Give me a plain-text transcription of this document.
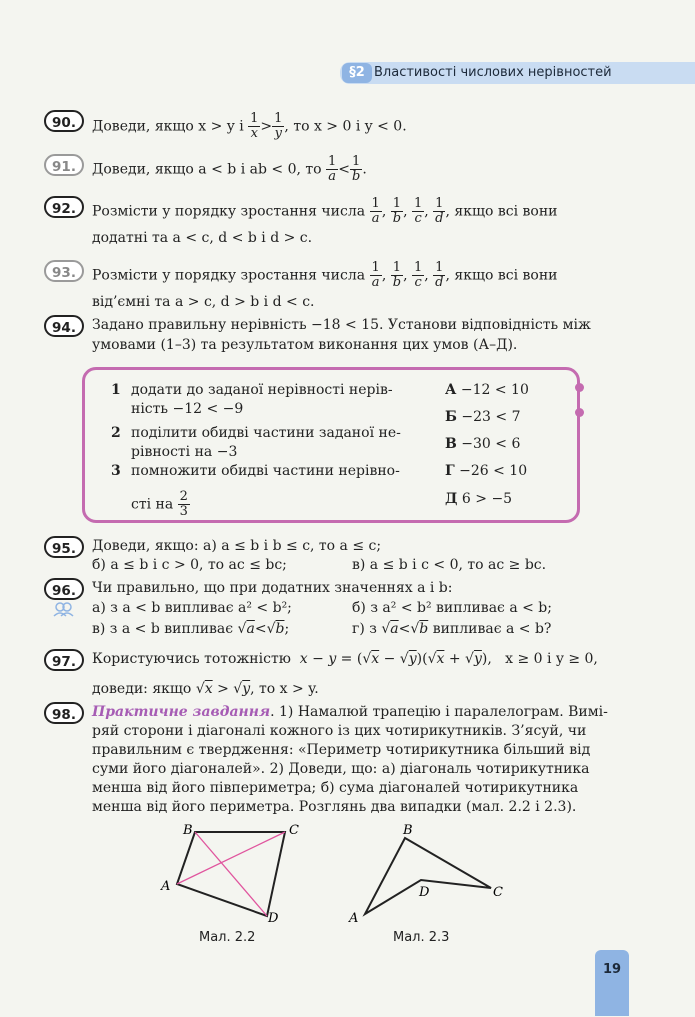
§2 Властивості числових нерівностей
90.	Доведи, якщо x > y і $\frac{1}{x} > \frac{1}{y}$ , то x > 0 і y < 0.
91.	Доведи, якщо a < b і ab < 0, то $\frac{1}{a} < \frac{1}{b}$ .
92.	Розмісти у порядку зростання числа $\frac{1}{a}$ , $\frac{1}{b}$ , $\frac{1}{c}$ , $\frac{1}{d}$ , якщо всі вони
додатні та a < c, d < b і d > c.
93.	Розмісти у порядку зростання числа $\frac{1}{a}$ , $\frac{1}{b}$ , $\frac{1}{c}$ , $\frac{1}{d}$ , якщо всі вони
від’ємні та a > c, d > b і d < c.
94.	Задано правильну нерівність −18 < 15. Установи відповідність між
умовами (1–3) та результатом виконання цих умов (А–Д).
1 додати до заданої нерівності нерів-
ність −12 < −9
2 поділити обидві частини заданої не-
рівності на −3
3 помножити обидві частини нерівно-
сті на $\frac{2}{3}$
А −12 < 10
Б −23 < 7
В −30 < 6
Г −26 < 10
Д 6 > −5
95.	Доведи, якщо: а) a ≤ b і b ≤ c, то a ≤ c;
б) a ≤ b і c > 0, то ac ≤ bc;	в) a ≤ b і c < 0, то ac ≥ bc.
96.	Чи правильно, що при додатних значеннях a і b:
а) з a < b випливає a² < b²;	б) з a² < b² випливає a < b;
в) з a < b випливає √a<√b;	г) з √a<√b випливає a < b?
97.	Користуючись тотожністю  x − y = (√x − √y)(√x + √y),   x ≥ 0 і y ≥ 0,
доведи: якщо √x > √y, то x > y.
98.	Практичне завдання. 1) Намалюй трапецію і паралелограм. Вимі-
ряй сторони і діагоналі кожного із цих чотирикутників. З’ясуй, чи
правильним є твердження: «Периметр чотирикутника більший від
суми його діагоналей». 2) Доведи, що: а) діагональ чотирикутника
менша від його півпериметра; б) сума діагоналей чотирикутника
менша від його периметра. Розглянь два випадки (мал. 2.2 і 2.3).
B	C
A
D
Мал. 2.2
B
C
D
A
Мал. 2.3
19
